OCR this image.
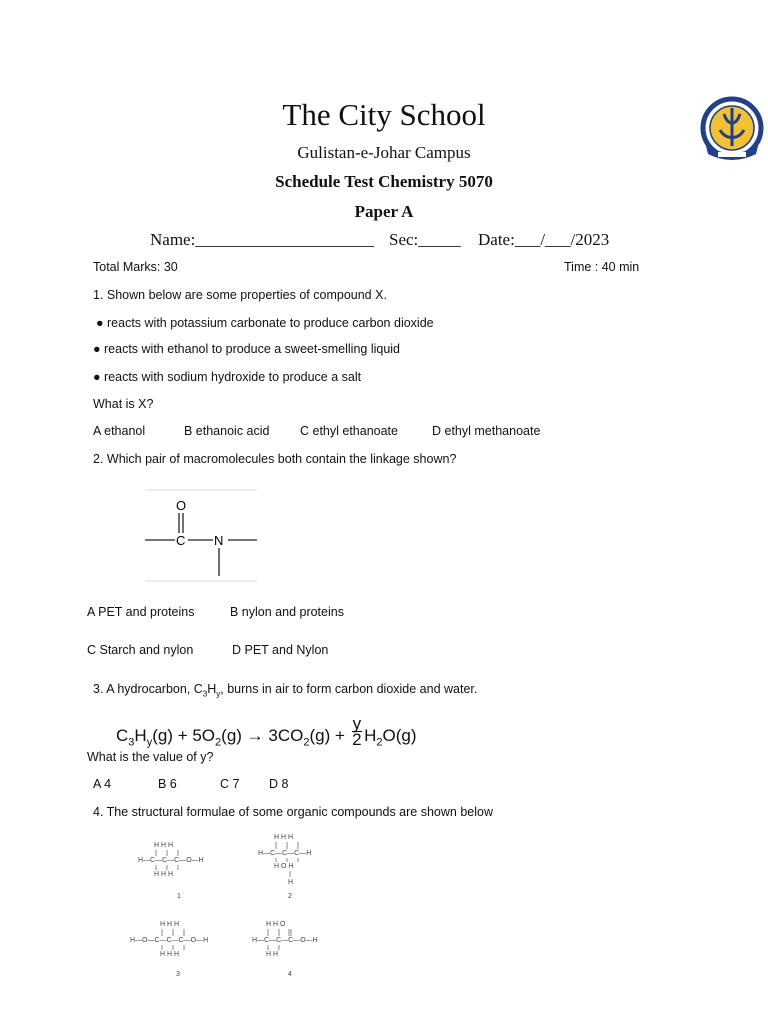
The City School
Gulistan-e-Johar Campus
Schedule Test Chemistry 5070
Paper A
Name:_____________________ Sec:_____ Date:___/___/2023
Total Marks: 30	Time : 40 min
1. Shown below are some properties of compound X.
● reacts with potassium carbonate to produce carbon dioxide
● reacts with ethanol to produce a sweet-smelling liquid
● reacts with sodium hydroxide to produce a salt
What is X?
A ethanol	B ethanoic acid C ethyl ethanoate	D ethyl methanoate
2. Which pair of macromolecules both contain the linkage shown?
O
C N
A PET and proteins	B nylon and proteins
C Starch and nylon	D PET and Nylon
3. A hydrocarbon, $C_3H_y$, burns in air to form carbon dioxide and water.
$C_3H_y(g) + 5O_2(g) \to 3CO_2(g) + \frac{y}{2} H_2O(g)$
What is the value of y?
A 4	B 6	C 7 D 8
4. The structural formulae of some organic compounds are shown below
H—C—C—C—O—H
H H H
H H H
1
H—C—C—C—H
H H H
H O H
H
2
H—O—C—C—C—O—H
H H H
H H H
3
H—C—C—C—O—H
H H O
H H
4
